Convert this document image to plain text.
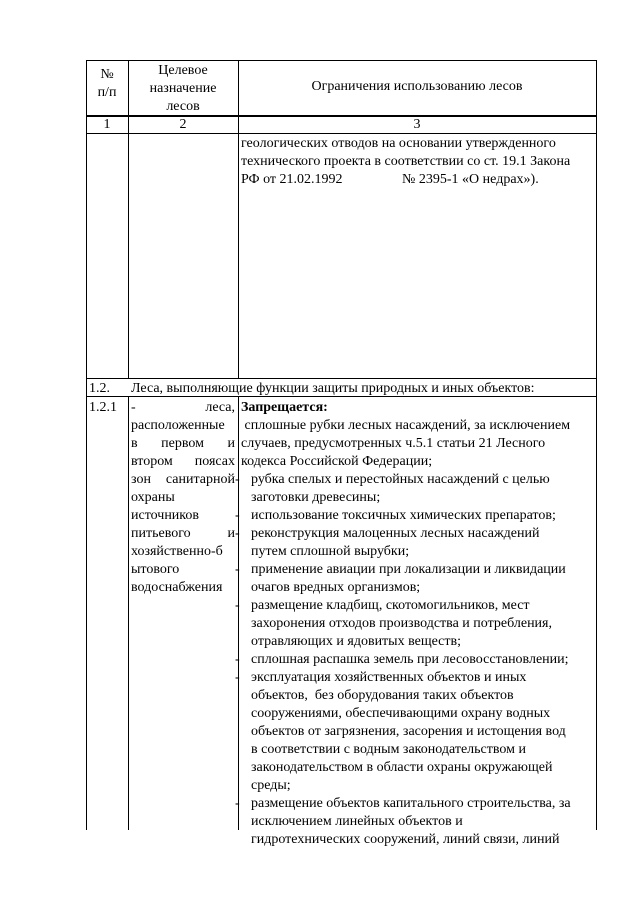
№
п/п
Целевое
назначение
лесов
Ограничения использованию лесов
1	2	3
геологических отводов на основании утвержденного
технического проекта в соответствии со ст. 19.1 Закона
РФ от 21.02.1992                 № 2395-1 «О недрах»).
1.2. Леса, выполняющие функции защиты природных и иных объектов:
1.2.1 -            леса,
расположенные
в     первом     и
втором     поясах
зон  санитарной
охраны
источников
питьевого       и
хозяйственно-б
ытового
водоснабжения
Запрещается:
сплошные рубки лесных насаждений, за исключением
случаев, предусмотренных ч.5.1 статьи 21 Лесного
кодекса Российской Федерации;
- рубка спелых и перестойных насаждений с целью
заготовки древесины;
- использование токсичных химических препаратов;
- реконструкция малоценных лесных насаждений
путем сплошной вырубки;
- применение авиации при локализации и ликвидации
очагов вредных организмов;
- размещение кладбищ, скотомогильников, мест
захоронения отходов производства и потребления,
отравляющих и ядовитых веществ;
- сплошная распашка земель при лесовосстановлении;
- эксплуатация хозяйственных объектов и иных
объектов,  без оборудования таких объектов
сооружениями, обеспечивающими охрану водных
объектов от загрязнения, засорения и истощения вод
в соответствии с водным законодательством и
законодательством в области охраны окружающей
среды;
- размещение объектов капитального строительства, за
исключением линейных объектов и
гидротехнических сооружений, линий связи, линий
